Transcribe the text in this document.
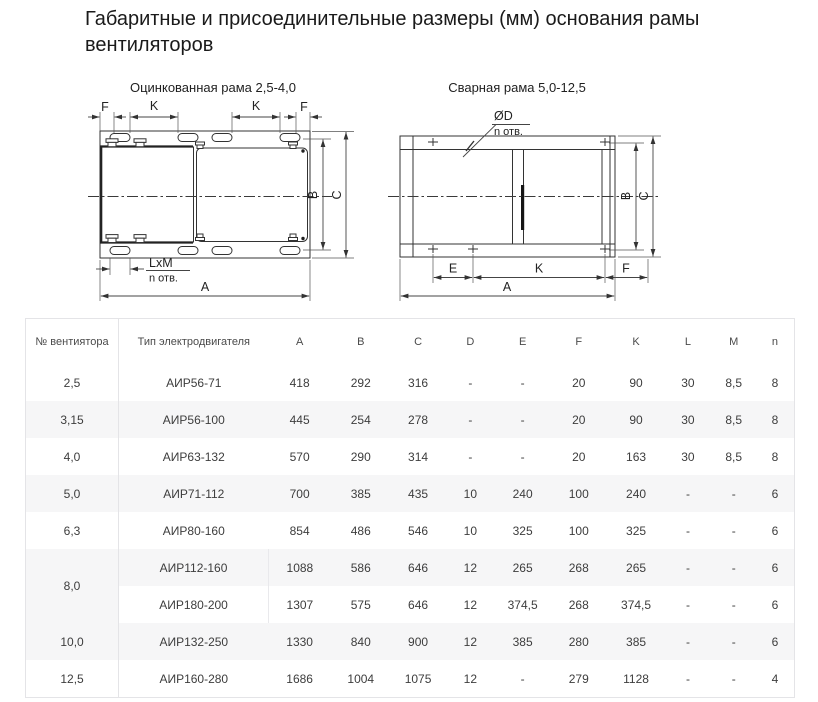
Габаритные и присоединительные размеры (мм) основания рамы
вентиляторов
Оцинкованная рама 2,5-4,0
F	K	K	F
B C
LxM
n отв.
A
Сварная рама 5,0-12,5
ØD
n отв.
B C
E	K	F
A
№ вентиятора	Тип электродвигателя	A	B	C	D	E	F	K	L	M	n
2,5	АИР56-71	418	292	316	-	-	20	90	30	8,5	8
3,15	АИР56-100	445	254	278	-	-	20	90	30	8,5	8
4,0	АИР63-132	570	290	314	-	-	20	163	30	8,5	8
5,0	АИР71-112	700	385	435	10	240	100	240	-	-	6
6,3	АИР80-160	854	486	546	10	325	100	325	-	-	6
8,0	АИР112-160	1088	586	646	12	265	268	265	-	-	6
	АИР180-200	1307	575	646	12	374,5	268	374,5	-	-	6
10,0	АИР132-250	1330	840	900	12	385	280	385	-	-	6
12,5	АИР160-280	1686	1004	1075	12	-	279	1128	-	-	4
